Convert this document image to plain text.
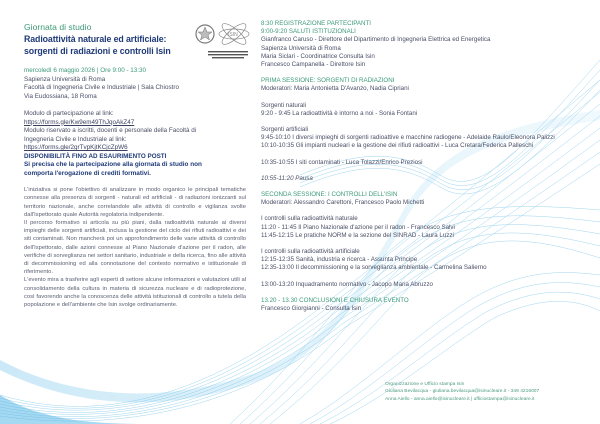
ISIN
Giornata di studio
Radioattività naturale ed artificiale:
sorgenti di radiazioni e controlli Isin
mercoledì 6 maggio 2026 | Ore 9:00 - 13:30
Sapienza Università di Roma
Facoltà di Ingegneria Civile e Industriale | Sala Chiostro
Via Eudossiana, 18 Roma
Modulo di partecipazione al link:
https://forms.gle/Kw9em49ThJqoAkZ47
Modulo riservato a iscritti, docenti e personale della Facoltà di
Ingegneria Civile e Industriale al link:
https://forms.gle/2grTvpKjtKCjcZpW6
DISPONIBILITÀ FINO AD ESAURIMENTO POSTI
Si precisa che la partecipazione alla giornata di studio non
comporta l'erogazione di crediti formativi.
L'iniziativa si pone l'obiettivo di analizzare in modo organico le principali tematiche connesse alla presenza di sorgenti - naturali ed artificiali - di radiazioni ionizzanti sul territorio nazionale, anche correlandole alle attività di controllo e vigilanza svolte dall'Ispettorato quale Autorità regolatoria indipendente.
Il percorso formativo si articola su più piani, dalla radioattività naturale ai diversi impieghi delle sorgenti artificiali, inclusa la gestione del ciclo dei rifiuti radioattivi e dei siti contaminati. Non mancherà poi un approfondimento delle varie attività di controllo dell'Ispettorato, dalle azioni connesse al Piano Nazionale d'azione per il radon, alle verifiche di sorveglianza nei settori sanitario, industriale e della ricerca, fino alle attività di decommissioning ed alla connotazione del contesto normativo e istituzionale di riferimento.
L'evento mira a trasferire agli esperti di settore alcune informazioni e valutazioni utili al consolidamento della cultura in materia di sicurezza nucleare e di radioprotezione, così favorendo anche la conoscenza delle attività istituzionali di controllo a tutela della popolazione e dell'ambiente che Isin svolge ordinariamente.
8:30 REGISTRAZIONE PARTECIPANTI
9:00-9:20 SALUTI ISTITUZIONALI
Gianfranco Caruso - Direttore del Dipartimento di Ingegneria Elettrica ed Energetica
Sapienza Università di Roma
Maria Siclari - Coordinatrice Consulta Isin
Francesco Campanella - Direttore Isin
PRIMA SESSIONE: SORGENTI DI RADIAZIONI
Moderatori: Maria Antonietta D'Avanzo, Nadia Cipriani
Sorgenti naturali
9:20 - 9:45 La radioattività è intorno a noi - Sonia Fontani
Sorgenti artificiali
9:45-10:10 I diversi impieghi di sorgenti radioattive e macchine radiogene - Adelaide Raulo/Eleonora Palizzi
10:10-10:35 Gli impianti nucleari e la gestione dei rifiuti radioattivi - Luca Cretara/Federica Palleschi
10:35-10:55 I siti contaminati - Luca Tolazzi/Enrico Preziosi
10:55-11:20 Pausa
SECONDA SESSIONE: I CONTROLLI DELL'ISIN
Moderatori: Alessandro Carettoni, Francesco Paolo Michetti
I controlli sulla radioattività naturale
11:20 - 11:45 Il Piano Nazionale d'azione per il radon - Francesco Salvi
11:45-12:15 Le pratiche NORM e la sezione del SINRAD - Laura Luzzi
I controlli sulla radioattività artificiale
12:15-12:35 Sanità, industria e ricerca - Assunta Principe
12:35-13:00 Il decommissioning e la sorveglianza ambientale - Carmelina Salierno
13:00-13:20 Inquadramento normativo - Jacopo Maria Abruzzo
13.20 - 13.30 CONCLUSIONI E CHIUSURA EVENTO
Francesco Giorgianni - Consulta Isin
Organizzazione e Ufficio stampa Isin
Giuliana Bevilacqua - giuliana.bevilacqua@isinucleare.it - 349 4216007
Anna Aiello - anna.aiello@isinucleare.it | ufficiostampa@isinucleare.it
